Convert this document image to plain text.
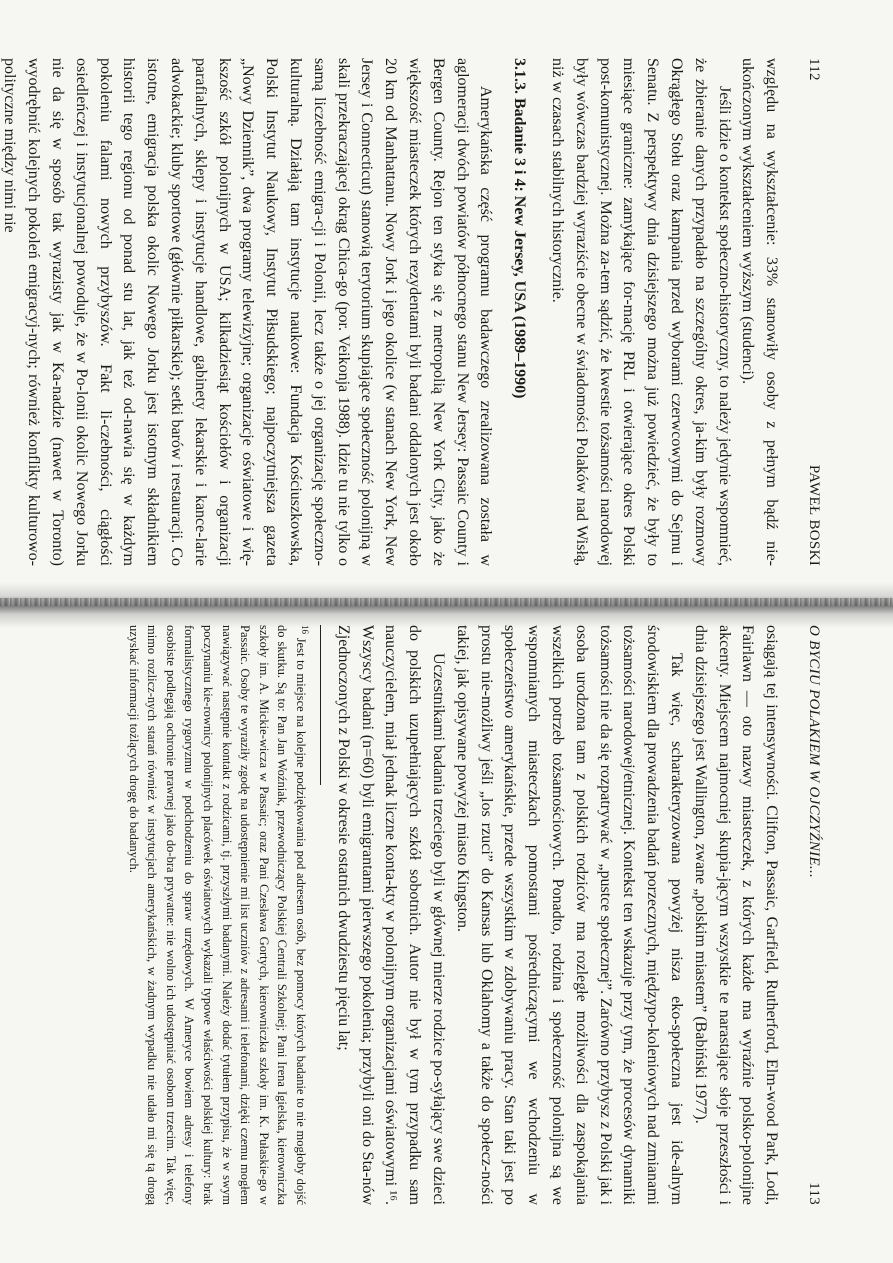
112
PAWEŁ BOSKI

względu na wykształcenie: 33% stanowiły osoby z pełnym bądź nie-ukończonym wykształceniem wyższym (studenci).

Jeśli idzie o kontekst społeczno-historyczny, to należy jedynie wspomnieć, że zbieranie danych przypadało na szczególny okres, ja-kim były rozmowy Okrągłego Stołu oraz kampania przed wyborami czerwcowymi do Sejmu i Senatu. Z perspektywy dnia dzisiejszego można już powiedzieć, że były to miesiące graniczne: zamykające for-mację PRL i otwierające okres Polski post-komunistycznej. Można za-tem sądzić, że kwestie tożsamości narodowej były wówczas bardziej wyraziście obecne w świadomości Polaków nad Wisłą, niż w czasach stabilnych historycznie.

3.1.3. Badanie 3 i 4: New Jersey, USA (1989–1990)

Amerykańska część programu badawczego zrealizowana została w aglomeracji dwóch powiatów północnego stanu New Jersey: Passaic County i Bergen County. Rejon ten styka się z metropolią New York City, jako że większość miasteczek których rezydentami byli badani oddalonych jest około 20 km od Manhattanu. Nowy Jork i jego okolice (w stanach New York, New Jersey i Connecticut) stanowią terytorium skupiające społeczność polonijną w skali przekraczającej okrąg Chica-go (por. Veikonja 1988). Idzie tu nie tylko o samą liczebność emigra-cji i Polonii, lecz także o jej organizację społeczno-kulturalną. Działają tam instytucje naukowe: Fundacja Kościuszkowska, Polski Instytut Naukowy, Instytut Piłsudskiego; najpoczytniejsza gazeta „Nowy Dziennik”, dwa programy telewizyjne; organizacje oświatowe i wię-kszość szkół polonijnych w USA; kilkadziesiąt kościołów i organizacji parafialnych, sklepy i instytucje handlowe, gabinety lekarskie i kance-larie adwokackie; kluby sportowe (głównie piłkarskie); setki barów i restauracji. Co istotne, emigracja polska okolic Nowego Jorku jest istotnym składnikiem historii tego regionu od ponad stu lat, jak też od-nawia się w każdym pokoleniu falami nowych przybyszów. Fakt li-czebności, ciągłości osiedleńczej i instytucjonalnej powoduje, że w Po-lonii okolic Nowego Jorku nie da się w sposób tak wyrazisty jak w Ka-nadzie (nawet w Toronto) wyodrębnić kolejnych pokoleń emigracyj-nych; również konflikty kulturowo-polityczne między nimi nie

O BYCIU POLAKIEM W OJCZYŹNIE...
113

osiągają tej intensywności. Clifton, Passaic, Garfield, Rutherford, Elm-wood Park, Lodi, Fairlawn — oto nazwy miasteczek, z których każde ma wyraźnie polsko-polonijne akcenty. Miejscem najmocniej skupia-jącym wszystkie te narastające słoje przeszłości i dnia dzisiejszego jest Wallington, zwane „polskim miastem” (Babiński 1977).

Tak więc, scharakteryzowana powyżej nisza eko-społeczna jest ide-alnym środowiskiem dla prowadzenia badań porzecznych, międzypo-koleniowych nad zmianami tożsamości narodowej/etnicznej. Kontekst ten wskazuje przy tym, że procesów dynamiki tożsamości nie da się rozpatrywać w „pustce społecznej”. Zarówno przybysz z Polski jak i osoba urodzona tam z polskich rodziców ma rozległe możliwości dla zaspokajania wszelkich potrzeb tożsamościowych. Ponadto, rodzina i społeczność polonijna są we wspomnianych miasteczkach pomostami pośredniczącymi we wchodzeniu w społeczeństwo amerykańskie, przede wszystkim w zdobywaniu pracy. Stan taki jest po prostu nie-możliwy jeśli „los rzuci” do Kansas lub Oklahomy a także do społecz-ności takiej, jak opisywane powyżej miasto Kingston.

Uczestnikami badania trzeciego byli w głównej mierze rodzice po-syłający swe dzieci do polskich uzupełniających szkół sobotnich. Autor nie był w tym przypadku sam nauczycielem, miał jednak liczne konta-kty w polonijnym organizacjami oświatowymi ¹⁶. Wszyscy badani (n=60) byli emigrantami pierwszego pokolenia; przybyli oni do Sta-nów Zjednoczonych z Polski w okresie ostatnich dwudziestu pięciu lat;

$^{16}$ Jest to miejsce na kolejne podziękowania pod adresem osób, bez pomocy których badanie to nie mogłoby dojść do skutku. Są to: Pan Jan Woźniak, przewodniczący Polskiej Centrali Szkolnej; Pani Irena Igielska, kierowniczka szkoły im. A. Mickie-wicza w Passaic; oraz Pani Czesława Gortych, kierowniczka szkoły im. K. Pułaskie-go w Passaic. Osoby te wyraziły zgodę na udostępnienie mi list uczniów z adresami i telefonami, dzięki czemu mogłem nawiązywać następnie kontakt z rodzicami, tj. przyszłymi badanymi. Należy dodać tytułem przypisu, że w swym poczynaniu kie-rownicy polonijnych placówek oświatowych wykazali typowe właściwości polskiej kultury: brak formalistycznego rygoryzmu w podchodzeniu do spraw urzędowych. W Ameryce bowiem adresy i telefony osobiste podlegają ochronie prawnej jako do-bra prywatne: nie wolno ich udostępniać osobom trzecim. Tak więc, mimo rozlicz-nych starań również w instytucjach amerykańskich, w żadnym wypadku nie udało mi się tą drogą uzyskać informacji tożlących drogę do badanych.
